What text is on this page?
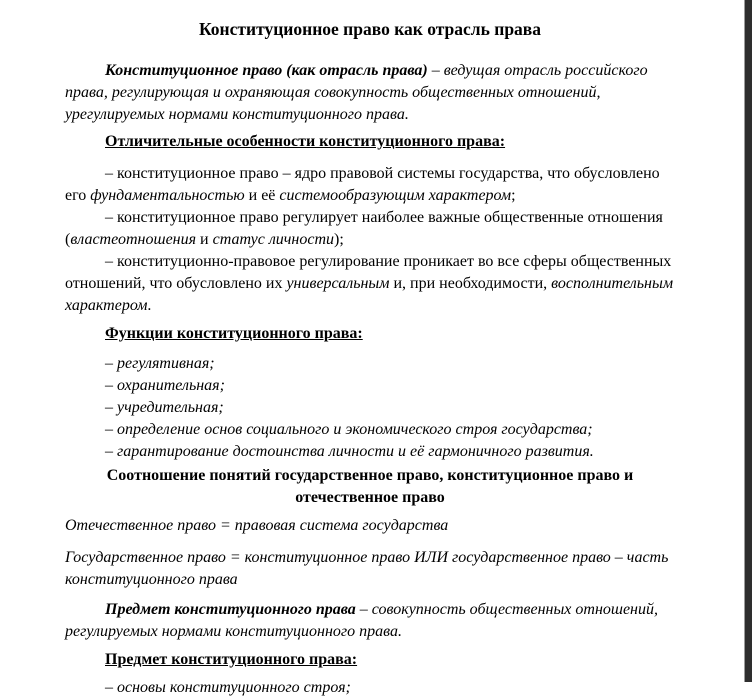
Конституционное право как отрасль права

Конституционное право (как отрасль права) – ведущая отрасль российского права, регулирующая и охраняющая совокупность общественных отношений, урегулируемых нормами конституционного права.

Отличительные особенности конституционного права:

– конституционное право – ядро правовой системы государства, что обусловлено его фундаментальностью и её системообразующим характером;

– конституционное право регулирует наиболее важные общественные отношения (властеотношения и статус личности);

– конституционно-правовое регулирование проникает во все сферы общественных отношений, что обусловлено их универсальным и, при необходимости, восполнительным характером.

Функции конституционного права:

– регулятивная;

– охранительная;

– учредительная;

– определение основ социального и экономического строя государства;

– гарантирование достоинства личности и её гармоничного развития.

Соотношение понятий государственное право, конституционное право и отечественное право

Отечественное право = правовая система государства

Государственное право = конституционное право ИЛИ государственное право – часть конституционного права

Предмет конституционного права – совокупность общественных отношений, регулируемых нормами конституционного права.

Предмет конституционного права:

– основы конституционного строя;
